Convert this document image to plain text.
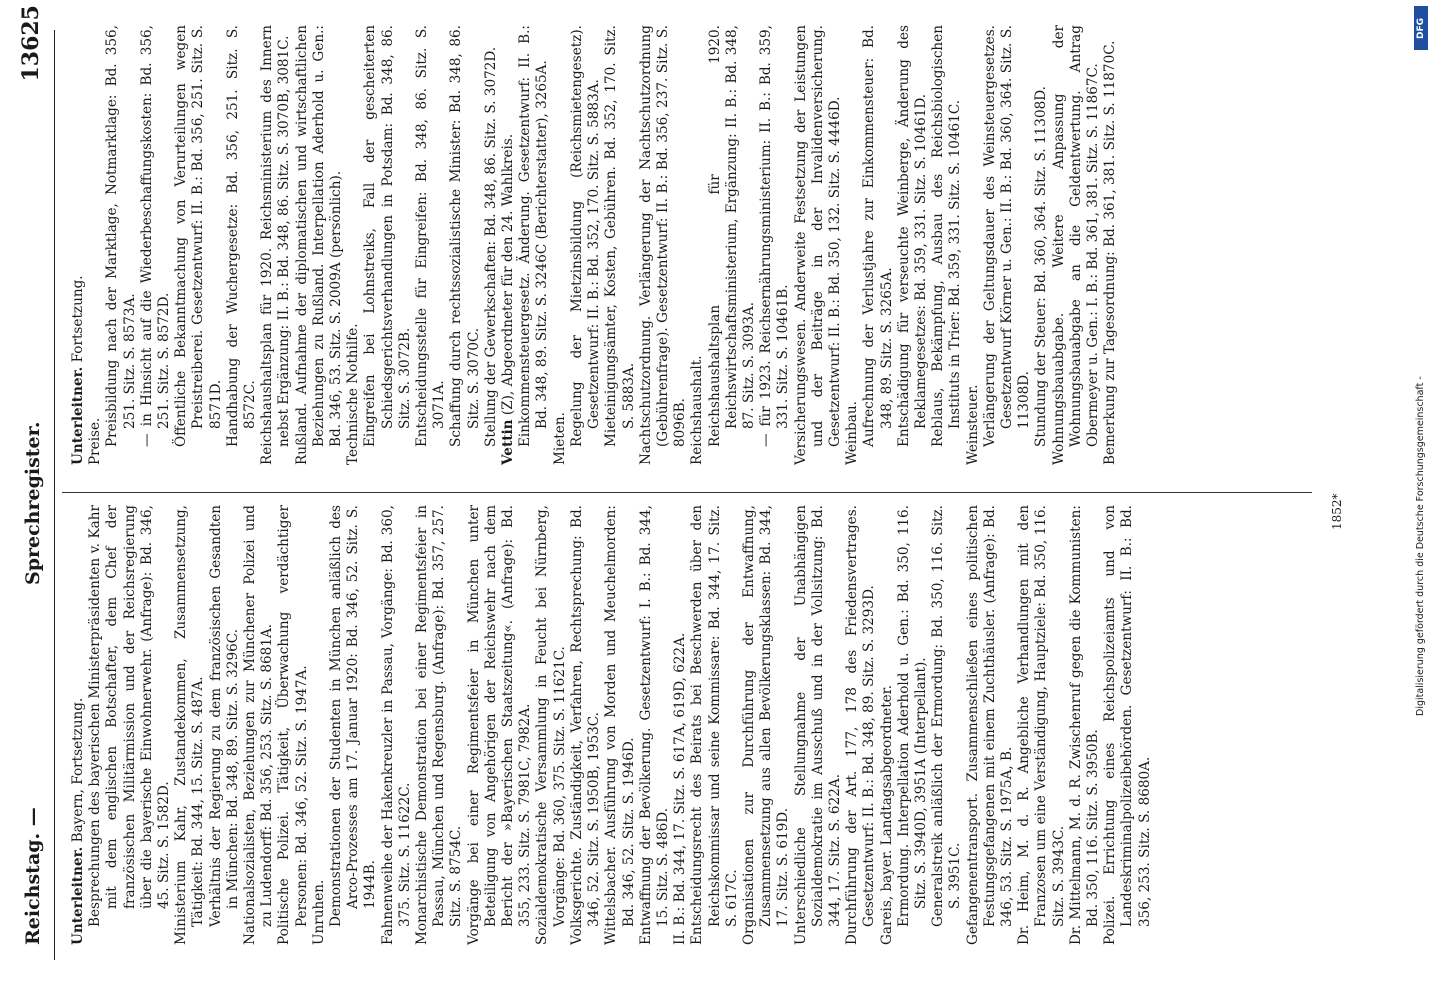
Reichstag. —
Sprechregister.
13625

Unterleitner. Bayern, Fortsetzung. Besprechungen des bayerischen Ministerpräsidenten v. Kahr mit dem englischen Botschafter, dem Chef der französischen Militärmission und der Reichsregierung über die bayerische Einwohnerwehr. (Anfrage): Bd. 346, 45. Sitz. S. 1582D. Ministerium Kahr, Zustandekommen, Zusammensetzung, Tätigkeit: Bd. 344, 15. Sitz. S. 487A. Verhältnis der Regierung zu dem französischen Gesandten in München: Bd. 348, 89. Sitz. S. 3296C. Nationalsozialisten, Beziehungen zur Münchener Polizei und zu Ludendorff: Bd. 356, 253. Sitz. S. 8681A. Politische Polizei. Tätigkeit, Überwachung verdächtiger Personen: Bd. 346, 52. Sitz. S. 1947A. Unruhen. Demonstrationen der Studenten in München anläßlich des Arco-Prozesses am 17. Januar 1920: Bd. 346, 52. Sitz. S. 1944B. Fahnenweihe der Hakenkreuzler in Passau, Vorgänge: Bd. 360, 375. Sitz. S. 11622C. Monarchistische Demonstration bei einer Regimentsfeier in Passau, München und Regensburg. (Anfrage): Bd. 357, 257. Sitz. S. 8754C. Vorgänge bei einer Regimentsfeier in München unter Beteiligung von Angehörigen der Reichswehr nach dem Bericht der »Bayerischen Staatszeitung«. (Anfrage): Bd. 355, 233. Sitz. S. 7981C, 7982A. Sozialdemokratische Versammlung in Feucht bei Nürnberg, Vorgänge: Bd. 360, 375. Sitz. S. 11621C. Volksgerichte. Zuständigkeit, Verfahren, Rechtsprechung: Bd. 346, 52. Sitz. S. 1950B, 1953C. Wittelsbacher. Ausführung von Morden und Meuchelmorden: Bd. 346, 52. Sitz. S. 1946D. Entwaffnung der Bevölkerung. Gesetzentwurf: I. B.: Bd. 344, 15. Sitz. S. 486D. II. B.: Bd. 344, 17. Sitz. S. 617A, 619D, 622A. Entscheidungsrecht des Beirats bei Beschwerden über den Reichskommissar und seine Kommissare: Bd. 344, 17. Sitz. S. 617C. Organisationen zur Durchführung der Entwaffnung, Zusammensetzung aus allen Bevölkerungsklassen: Bd. 344, 17. Sitz. S. 619D. Unterschiedliche Stellungnahme der Unabhängigen Sozialdemokratie im Ausschuß und in der Vollsitzung: Bd. 344, 17. Sitz. S. 622A. Durchführung der Art. 177, 178 des Friedensvertrages. Gesetzentwurf: II. B.: Bd. 348, 89. Sitz. S. 3293D. Gareis, bayer. Landtagsabgeordneter. Ermordung. Interpellation Aderhold u. Gen.: Bd. 350, 116. Sitz. S. 3940D, 3951A (Interpellant). Generalstreik anläßlich der Ermordung: Bd. 350, 116. Sitz. S. 3951C. Gefangenentransport. Zusammenschließen eines politischen Festungsgefangenen mit einem Zuchthäusler. (Anfrage): Bd. 346, 53. Sitz. S. 1975A, B. Dr. Heim, M. d. R. Angebliche Verhandlungen mit den Franzosen um eine Verständigung, Hauptziele: Bd. 350, 116. Sitz. S. 3943C. Dr. Mittelmann, M. d. R. Zwischenruf gegen die Kommunisten: Bd. 350, 116. Sitz. S. 3950B. Polizei. Errichtung eines Reichspolizeiamts und von Landeskriminalpolizeibehörden. Gesetzentwurf: II. B.: Bd. 356, 253. Sitz. S. 8680A.

Unterleitner. Fortsetzung.

Preise. Preisbildung nach der Marktlage, Notmarktlage: Bd. 356, 251. Sitz. S. 8573A. — in Hinsicht auf die Wiederbeschaffungskosten: Bd. 356, 251. Sitz. S. 8572D. Öffentliche Bekanntmachung von Verurteilungen wegen Preistreiberei. Gesetzentwurf: II. B.: Bd. 356, 251. Sitz. S. 8571D. Handhabung der Wuchergesetze: Bd. 356, 251. Sitz. S. 8572C. Reichshaushaltsplan für 1920. Reichsministerium des Innern nebst Ergänzung: II. B.: Bd. 348, 86. Sitz. S. 3070B, 3081C. Rußland. Aufnahme der diplomatischen und wirtschaftlichen Beziehungen zu Rußland. Interpellation Aderhold u. Gen.: Bd. 346, 53. Sitz. S. 2009A (persönlich). Technische Nothilfe. Eingreifen bei Lohnstreiks, Fall der gescheiterten Schiedsgerichtsverhandlungen in Potsdam: Bd. 348, 86. Sitz. S. 3072B. Entscheidungsstelle für Eingreifen: Bd. 348, 86. Sitz. S. 3071A. Schaffung durch rechtssozialistische Minister: Bd. 348, 86. Sitz. S. 3070C. Stellung der Gewerkschaften: Bd. 348, 86. Sitz. S. 3072D. Vettin (Z), Abgeordneter für den 24. Wahlkreis. Einkommensteuergesetz. Änderung. Gesetzentwurf: II. B.: Bd. 348, 89. Sitz. S. 3246C (Berichterstatter), 3265A.

Mieten. Regelung der Mietzinsbildung (Reichsmietengesetz). Gesetzentwurf: II. B.: Bd. 352, 170. Sitz. S. 5883A. Mieteinigungsämter, Kosten, Gebühren. Bd. 352, 170. Sitz. S. 5883A. Nachtschutzordnung. Verlängerung der Nachtschutzordnung (Gebührenfrage). Gesetzentwurf: II. B.: Bd. 356, 237. Sitz. S. 8096B. Reichshaushalt. Reichshaushaltsplan für 1920. Reichswirtschaftsministerium, Ergänzung: II. B.: Bd. 348, 87. Sitz. S. 3093A. — für 1923. Reichsernährungsministerium: II. B.: Bd. 359, 331. Sitz. S. 10461B. Versicherungswesen. Anderweite Festsetzung der Leistungen und der Beiträge in der Invalidenversicherung. Gesetzentwurf: II. B.: Bd. 350, 132. Sitz. S. 4446D. Weinbau. Aufrechnung der Verlustjahre zur Einkommensteuer: Bd. 348, 89. Sitz. S. 3265A. Entschädigung für verseuchte Weinberge, Änderung des Reklamegesetzes: Bd. 359, 331. Sitz. S. 10461D. Reblaus, Bekämpfung, Ausbau des Reichsbiologischen Instituts in Trier: Bd. 359, 331. Sitz. S. 10461C. Weinsteuer. Verlängerung der Geltungsdauer des Weinsteuergesetzes. Gesetzentwurf Körner u. Gen.: II. B.: Bd. 360, 364. Sitz. S. 11308D. Stundung der Steuer: Bd. 360, 364. Sitz. S. 11308D. Wohnungsbauabgabe. Weitere Anpassung der Wohnungsbauabgabe an die Geldentwertung. Antrag Obermeyer u. Gen.: I. B.: Bd. 361, 381. Sitz. S. 11867C. Bemerkung zur Tagesordnung: Bd. 361, 381. Sitz. S. 11870C.

1852*
DFG
Digitalisierung gefördert durch die Deutsche Forschungsgemeinschaft -
